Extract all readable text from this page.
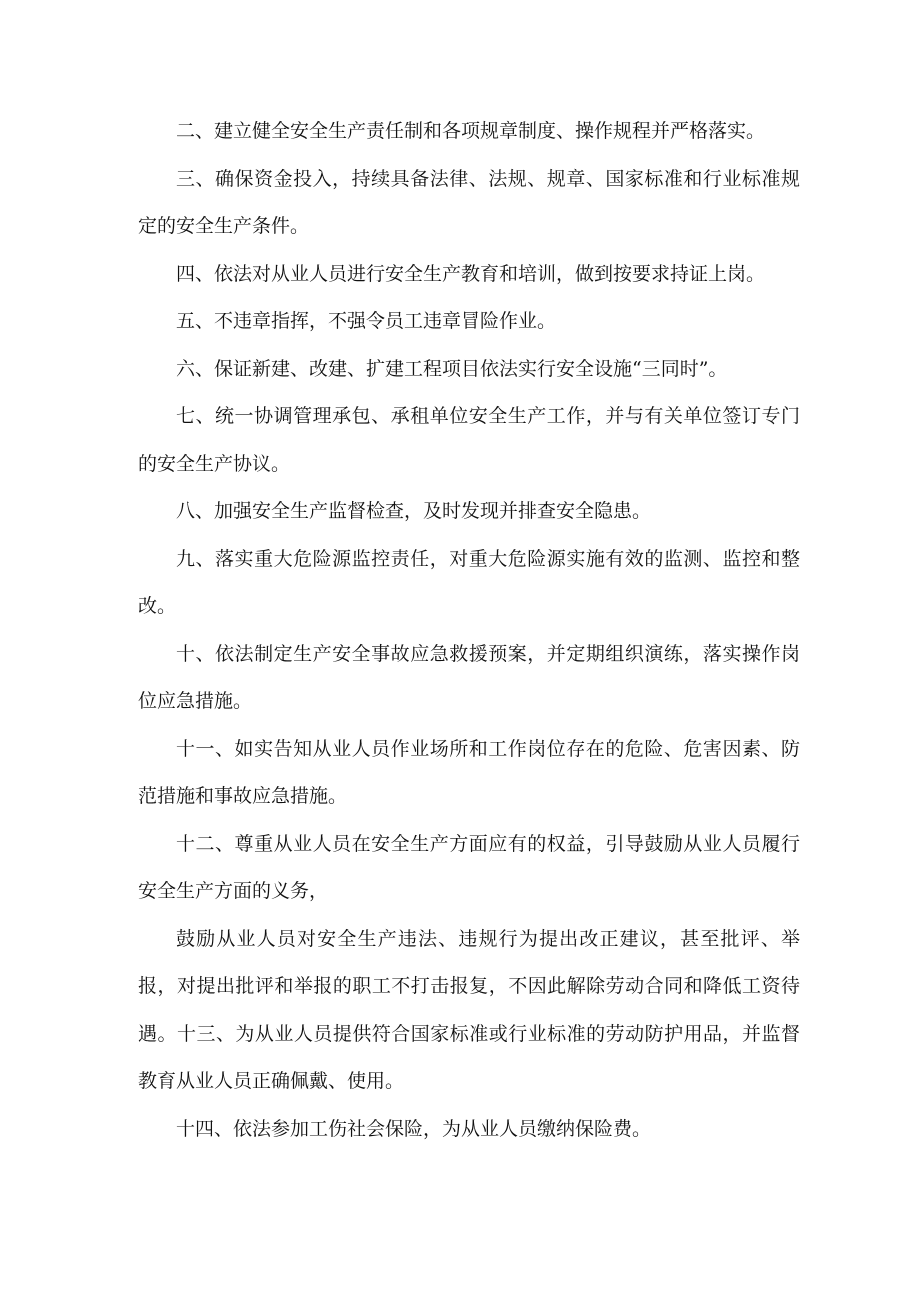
二、建立健全安全生产责任制和各项规章制度、操作规程并严格落实。

三、确保资金投入，持续具备法律、法规、规章、国家标准和行业标准规定的安全生产条件。

四、依法对从业人员进行安全生产教育和培训，做到按要求持证上岗。

五、不违章指挥，不强令员工违章冒险作业。

六、保证新建、改建、扩建工程项目依法实行安全设施“三同时”。

七、统一协调管理承包、承租单位安全生产工作，并与有关单位签订专门的安全生产协议。

八、加强安全生产监督检查，及时发现并排查安全隐患。

九、落实重大危险源监控责任，对重大危险源实施有效的监测、监控和整改。

十、依法制定生产安全事故应急救援预案，并定期组织演练，落实操作岗位应急措施。

十一、如实告知从业人员作业场所和工作岗位存在的危险、危害因素、防范措施和事故应急措施。

十二、尊重从业人员在安全生产方面应有的权益，引导鼓励从业人员履行安全生产方面的义务，

鼓励从业人员对安全生产违法、违规行为提出改正建议，甚至批评、举报，对提出批评和举报的职工不打击报复，不因此解除劳动合同和降低工资待遇。十三、为从业人员提供符合国家标准或行业标准的劳动防护用品，并监督教育从业人员正确佩戴、使用。

十四、依法参加工伤社会保险，为从业人员缴纳保险费。
